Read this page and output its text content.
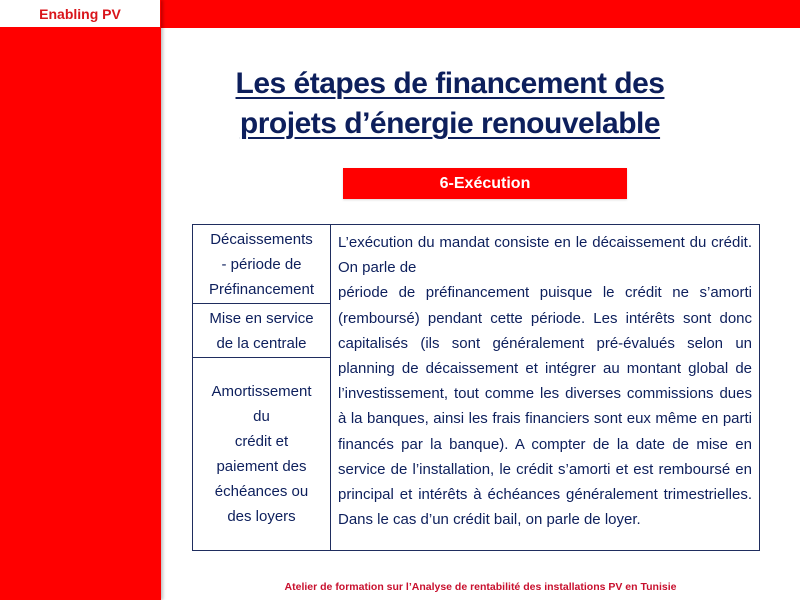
Enabling PV
Les étapes de financement des
projets d’énergie renouvelable
6-Exécution
Décaissements
- période de
Préfinancement
Mise en service
de la centrale
Amortissement
du
crédit et
paiement des
échéances ou
des loyers

L’exécution du mandat consiste en le décaissement du crédit. On parle de

période de préfinancement puisque le crédit ne s’amorti (remboursé) pendant cette période. Les intérêts sont donc capitalisés (ils sont généralement pré-évalués selon un planning de décaissement et intégrer au montant global de l’investissement, tout comme les diverses commissions dues à la banques, ainsi les frais financiers sont eux même en parti financés par la banque). A compter de la date de mise en service de l’installation, le crédit s’amorti et est remboursé en principal et intérêts à échéances généralement trimestrielles. Dans le cas d’un crédit bail, on parle de loyer.

Atelier de formation sur l’Analyse de rentabilité des installations PV en Tunisie
